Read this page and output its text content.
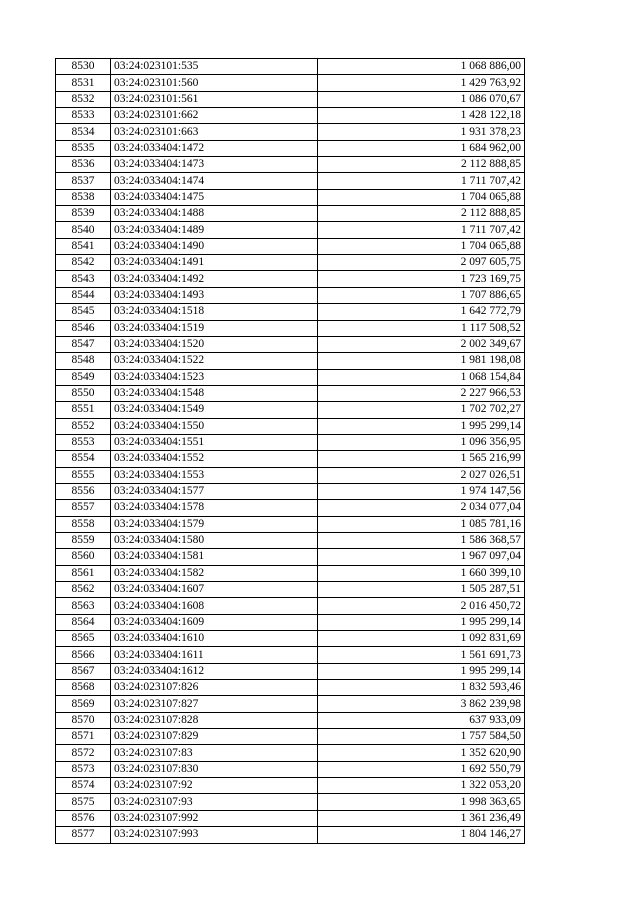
8530	03:24:023101:535	1 068 886,00
8531	03:24:023101:560	1 429 763,92
8532	03:24:023101:561	1 086 070,67
8533	03:24:023101:662	1 428 122,18
8534	03:24:023101:663	1 931 378,23
8535	03:24:033404:1472	1 684 962,00
8536	03:24:033404:1473	2 112 888,85
8537	03:24:033404:1474	1 711 707,42
8538	03:24:033404:1475	1 704 065,88
8539	03:24:033404:1488	2 112 888,85
8540	03:24:033404:1489	1 711 707,42
8541	03:24:033404:1490	1 704 065,88
8542	03:24:033404:1491	2 097 605,75
8543	03:24:033404:1492	1 723 169,75
8544	03:24:033404:1493	1 707 886,65
8545	03:24:033404:1518	1 642 772,79
8546	03:24:033404:1519	1 117 508,52
8547	03:24:033404:1520	2 002 349,67
8548	03:24:033404:1522	1 981 198,08
8549	03:24:033404:1523	1 068 154,84
8550	03:24:033404:1548	2 227 966,53
8551	03:24:033404:1549	1 702 702,27
8552	03:24:033404:1550	1 995 299,14
8553	03:24:033404:1551	1 096 356,95
8554	03:24:033404:1552	1 565 216,99
8555	03:24:033404:1553	2 027 026,51
8556	03:24:033404:1577	1 974 147,56
8557	03:24:033404:1578	2 034 077,04
8558	03:24:033404:1579	1 085 781,16
8559	03:24:033404:1580	1 586 368,57
8560	03:24:033404:1581	1 967 097,04
8561	03:24:033404:1582	1 660 399,10
8562	03:24:033404:1607	1 505 287,51
8563	03:24:033404:1608	2 016 450,72
8564	03:24:033404:1609	1 995 299,14
8565	03:24:033404:1610	1 092 831,69
8566	03:24:033404:1611	1 561 691,73
8567	03:24:033404:1612	1 995 299,14
8568	03:24:023107:826	1 832 593,46
8569	03:24:023107:827	3 862 239,98
8570	03:24:023107:828	637 933,09
8571	03:24:023107:829	1 757 584,50
8572	03:24:023107:83	1 352 620,90
8573	03:24:023107:830	1 692 550,79
8574	03:24:023107:92	1 322 053,20
8575	03:24:023107:93	1 998 363,65
8576	03:24:023107:992	1 361 236,49
8577	03:24:023107:993	1 804 146,27
